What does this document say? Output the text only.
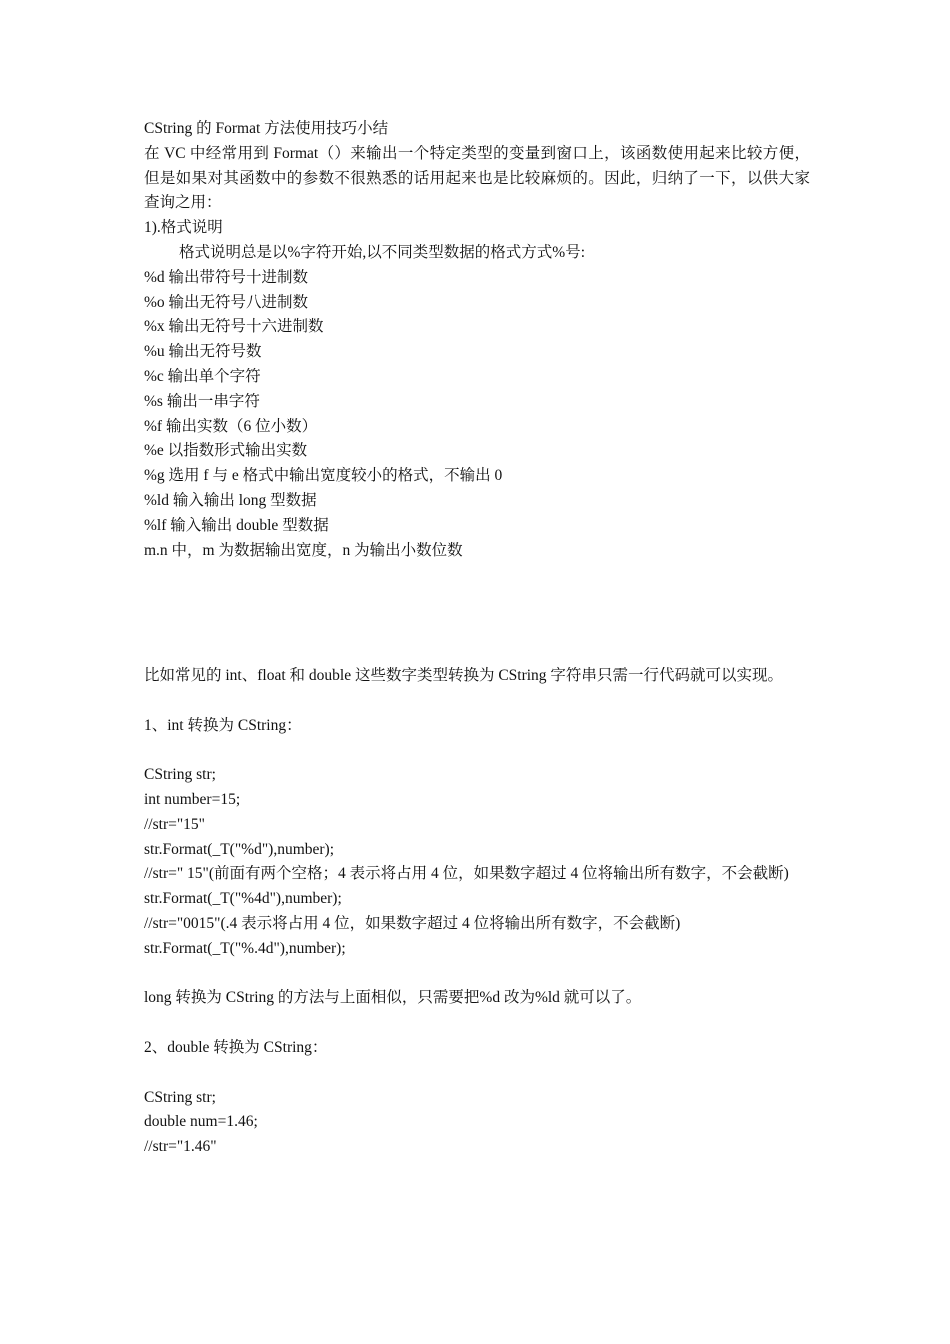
CString 的 Format 方法使用技巧小结
在 VC 中经常用到 Format（）来输出一个特定类型的变量到窗口上，该函数使用起来比较方便，但是如果对其函数中的参数不很熟悉的话用起来也是比较麻烦的。因此，归纳了一下，以供大家查询之用：
1).格式说明
格式说明总是以%字符开始,以不同类型数据的格式方式%号:
%d 输出带符号十进制数
%o 输出无符号八进制数
%x 输出无符号十六进制数
%u 输出无符号数
%c 输出单个字符
%s 输出一串字符
%f 输出实数（6 位小数）
%e 以指数形式输出实数
%g 选用 f 与 e 格式中输出宽度较小的格式，不输出 0
%ld 输入输出 long 型数据
%lf 输入输出 double 型数据
m.n 中，m 为数据输出宽度，n 为输出小数位数
比如常见的 int、float 和 double 这些数字类型转换为 CString 字符串只需一行代码就可以实现。
1、int 转换为 CString：
CString str;
int number=15;
//str="15"
str.Format(_T("%d"),number);
//str=" 15"(前面有两个空格；4 表示将占用 4 位，如果数字超过 4 位将输出所有数字，不会截断)
str.Format(_T("%4d"),number);
//str="0015"(.4 表示将占用 4 位，如果数字超过 4 位将输出所有数字，不会截断)
str.Format(_T("%.4d"),number);
long 转换为 CString 的方法与上面相似，只需要把%d 改为%ld 就可以了。
2、double 转换为 CString：
CString str;
double num=1.46;
//str="1.46"
